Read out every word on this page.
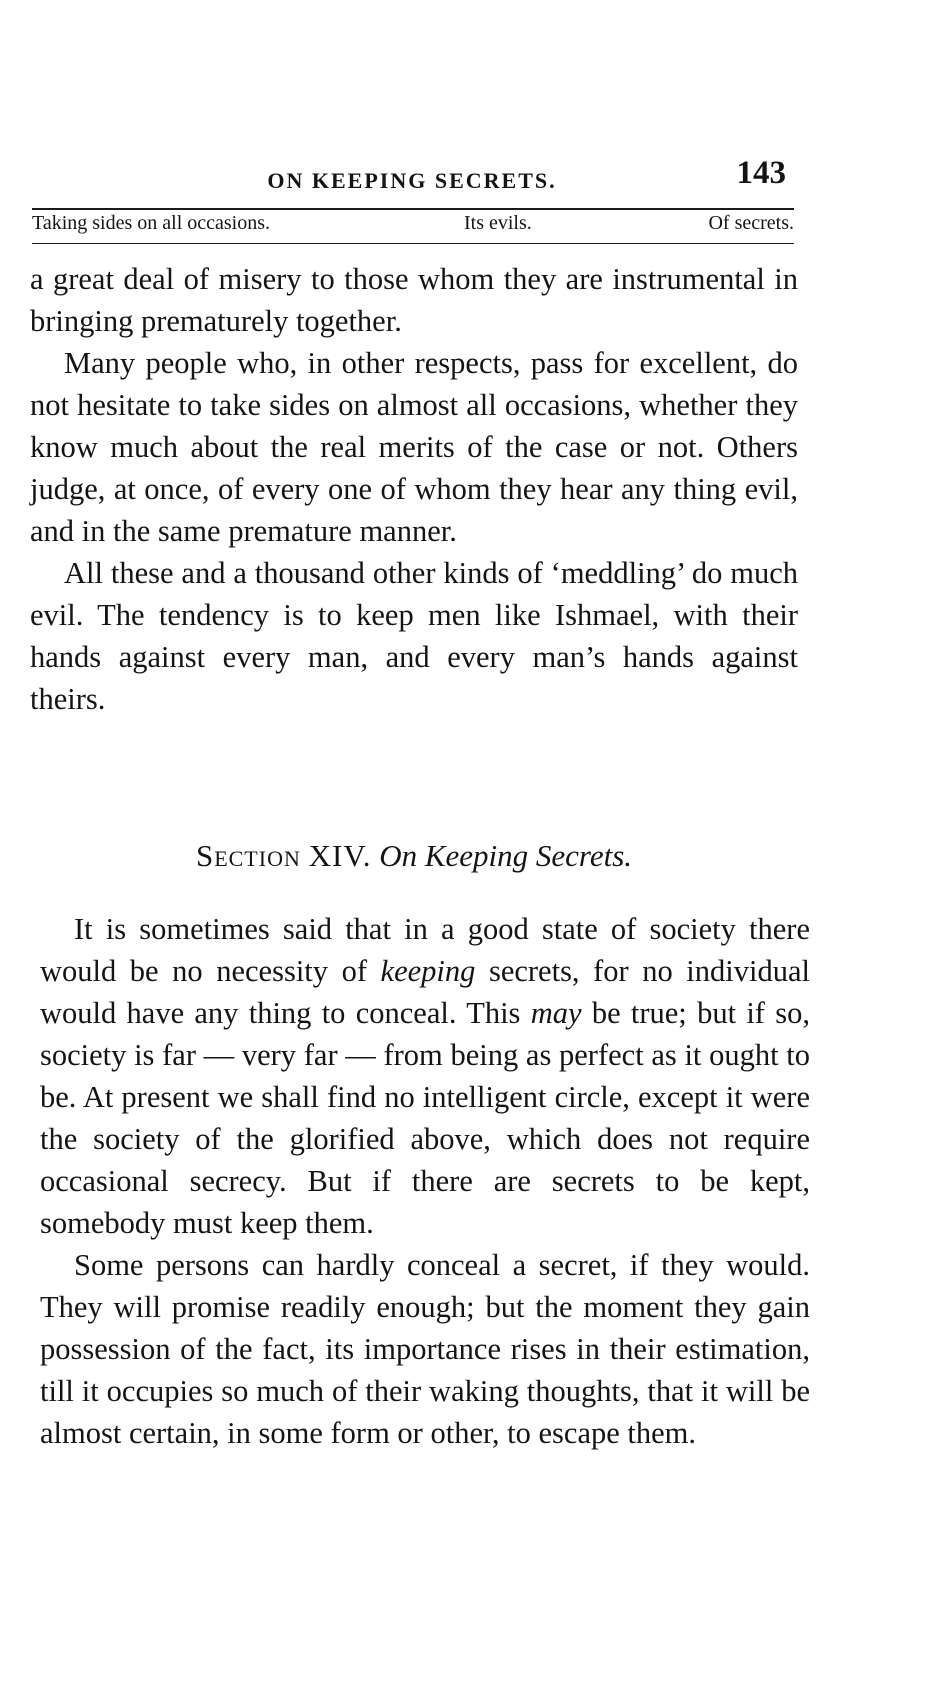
ON KEEPING SECRETS.	143
Taking sides on all occasions.	Its evils.	Of secrets.

a great deal of misery to those whom they are instrumental in bringing prematurely together.

Many people who, in other respects, pass for excellent, do not hesitate to take sides on almost all occasions, whether they know much about the real merits of the case or not. Others judge, at once, of every one of whom they hear any thing evil, and in the same premature manner.

All these and a thousand other kinds of ‘meddling’ do much evil. The tendency is to keep men like Ishmael, with their hands against every man, and every man’s hands against theirs.

Section XIV. On Keeping Secrets.

It is sometimes said that in a good state of society there would be no necessity of keeping secrets, for no individual would have any thing to conceal. This may be true; but if so, society is far — very far — from being as perfect as it ought to be. At present we shall find no intelligent circle, except it were the society of the glorified above, which does not require occasional secrecy. But if there are secrets to be kept, somebody must keep them.

Some persons can hardly conceal a secret, if they would. They will promise readily enough; but the moment they gain possession of the fact, its importance rises in their estimation, till it occupies so much of their waking thoughts, that it will be almost certain, in some form or other, to escape them.
